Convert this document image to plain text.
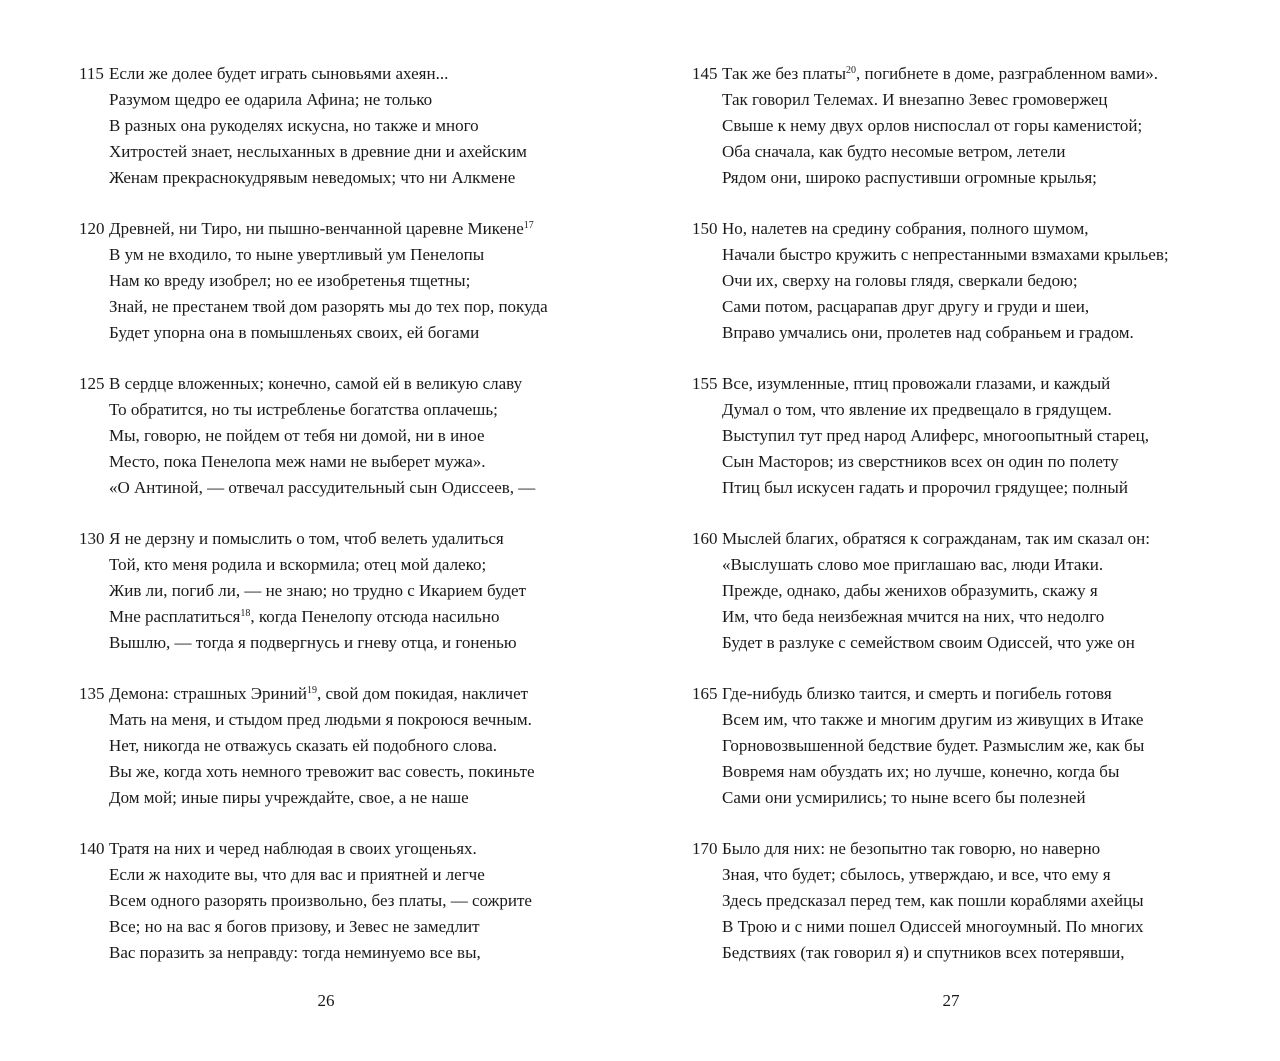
115 Если же долее будет играть сыновьями ахеян...
Разумом щедро ее одарила Афина; не только
В разных она рукоделях искусна, но также и много
Хитростей знает, неслыханных в древние дни и ахейским
Женам прекраснокудрявым неведомых; что ни Алкмене
120 Древней, ни Тиро, ни пышно-венчанной царевне Микене$^{17}$
В ум не входило, то ныне увертливый ум Пенелопы
Нам ко вреду изобрел; но ее изобретенья тщетны;
Знай, не престанем твой дом разорять мы до тех пор, покуда
Будет упорна она в помышленьях своих, ей богами
125 В сердце вложенных; конечно, самой ей в великую славу
То обратится, но ты истребленье богатства оплачешь;
Мы, говорю, не пойдем от тебя ни домой, ни в иное
Место, пока Пенелопа меж нами не выберет мужа».
«О Антиной, — отвечал рассудительный сын Одиссеев, —
130 Я не дерзну и помыслить о том, чтоб велеть удалиться
Той, кто меня родила и вскормила; отец мой далеко;
Жив ли, погиб ли, — не знаю; но трудно с Икарием будет
Мне расплатиться$^{18}$, когда Пенелопу отсюда насильно
Вышлю, — тогда я подвергнусь и гневу отца, и гоненью
135 Демона: страшных Эриний$^{19}$, свой дом покидая, накличет
Мать на меня, и стыдом пред людьми я покроюся вечным.
Нет, никогда не отважусь сказать ей подобного слова.
Вы же, когда хоть немного тревожит вас совесть, покиньте
Дом мой; иные пиры учреждайте, свое, а не наше
140 Тратя на них и черед наблюдая в своих угощеньях.
Если ж находите вы, что для вас и приятней и легче
Всем одного разорять произвольно, без платы, — сожрите
Все; но на вас я богов призову, и Зевес не замедлит
Вас поразить за неправду: тогда неминуемо все вы,
26
145 Так же без платы$^{20}$, погибнете в доме, разграбленном вами».
Так говорил Телемах. И внезапно Зевес громовержец
Свыше к нему двух орлов ниспослал от горы каменистой;
Оба сначала, как будто несомые ветром, летели
Рядом они, широко распустивши огромные крылья;
150 Но, налетев на средину собрания, полного шумом,
Начали быстро кружить с непрестанными взмахами крыльев;
Очи их, сверху на головы глядя, сверкали бедою;
Сами потом, расцарапав друг другу и груди и шеи,
Вправо умчались они, пролетев над собраньем и градом.
155 Все, изумленные, птиц провожали глазами, и каждый
Думал о том, что явление их предвещало в грядущем.
Выступил тут пред народ Алиферс, многоопытный старец,
Сын Масторов; из сверстников всех он один по полету
Птиц был искусен гадать и пророчил грядущее; полный
160 Мыслей благих, обратяся к согражданам, так им сказал он:
«Выслушать слово мое приглашаю вас, люди Итаки.
Прежде, однако, дабы женихов образумить, скажу я
Им, что беда неизбежная мчится на них, что недолго
Будет в разлуке с семейством своим Одиссей, что уже он
165 Где-нибудь близко таится, и смерть и погибель готовя
Всем им, что также и многим другим из живущих в Итаке
Горновозвышенной бедствие будет. Размыслим же, как бы
Вовремя нам обуздать их; но лучше, конечно, когда бы
Сами они усмирились; то ныне всего бы полезней
170 Было для них: не безопытно так говорю, но наверно
Зная, что будет; сбылось, утверждаю, и все, что ему я
Здесь предсказал перед тем, как пошли кораблями ахейцы
В Трою и с ними пошел Одиссей многоумный. По многих
Бедствиях (так говорил я) и спутников всех потерявши,
27
